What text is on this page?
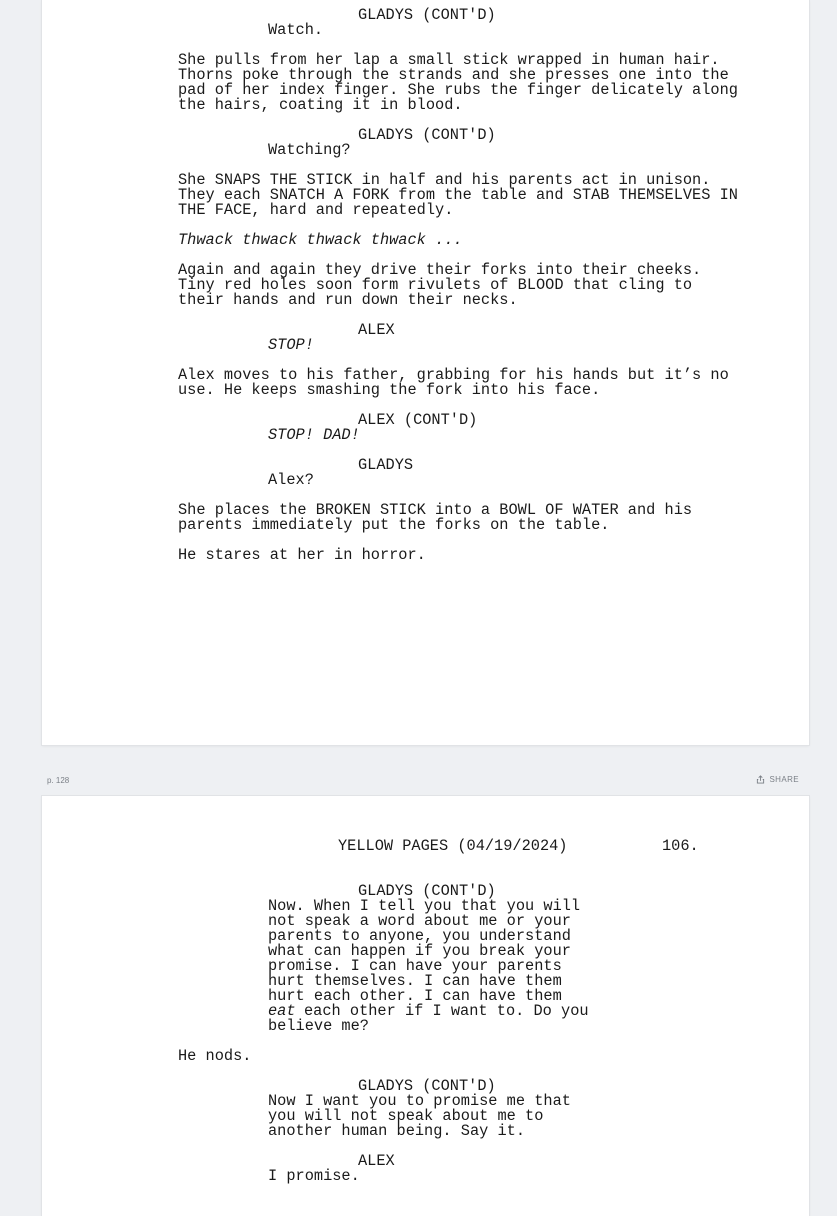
GLADYS (CONT'D)

Watch.

She pulls from her lap a small stick wrapped in human hair.
Thorns poke through the strands and she presses one into the
pad of her index finger. She rubs the finger delicately along
the hairs, coating it in blood.

GLADYS (CONT'D)

Watching?

She SNAPS THE STICK in half and his parents act in unison.
They each SNATCH A FORK from the table and STAB THEMSELVES IN
THE FACE, hard and repeatedly.

Thwack thwack thwack thwack ...

Again and again they drive their forks into their cheeks.
Tiny red holes soon form rivulets of BLOOD that cling to
their hands and run down their necks.

ALEX

STOP!

Alex moves to his father, grabbing for his hands but it’s no
use. He keeps smashing the fork into his face.

ALEX (CONT'D)

STOP! DAD!

GLADYS

Alex?

She places the BROKEN STICK into a BOWL OF WATER and his
parents immediately put the forks on the table.

He stares at her in horror.

p. 128	SHARE

YELLOW PAGES (04/19/2024)	106.

GLADYS (CONT'D)

Now. When I tell you that you will
not speak a word about me or your
parents to anyone, you understand
what can happen if you break your
promise. I can have your parents
hurt themselves. I can have them
hurt each other. I can have them

each other if I want to. Do you

eat

believe me?

He nods.

GLADYS (CONT'D)

Now I want you to promise me that
you will not speak about me to
another human being. Say it.

ALEX

I promise.
